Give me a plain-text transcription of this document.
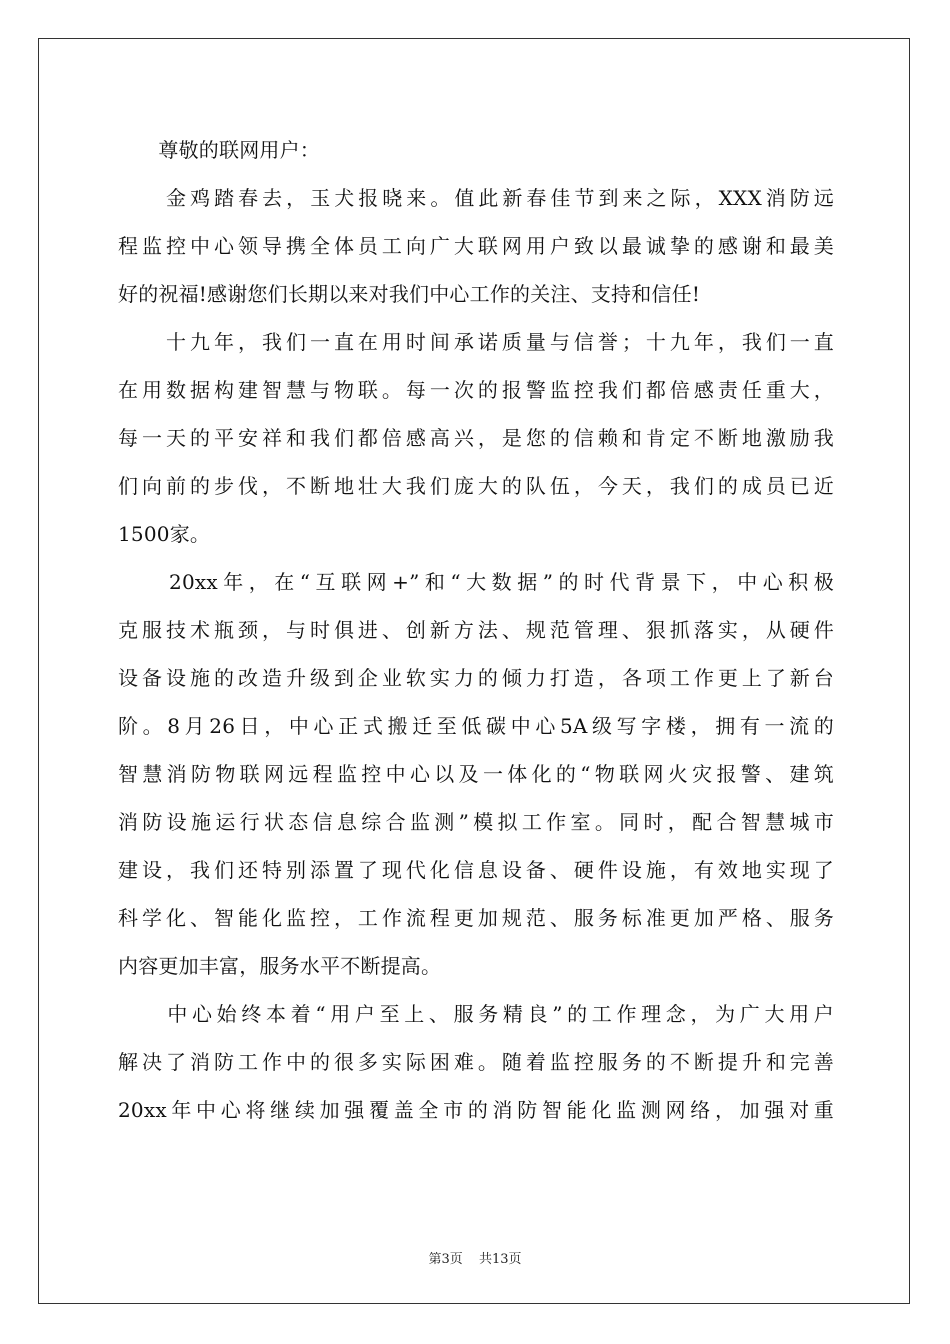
　　尊敬的联网用户：
　　金鸡踏春去，玉犬报晓来。值此新春佳节到来之际，XXX消防远
程监控中心领导携全体员工向广大联网用户致以最诚挚的感谢和最美
好的祝福!感谢您们长期以来对我们中心工作的关注、支持和信任!
　　十九年，我们一直在用时间承诺质量与信誉；十九年，我们一直
在用数据构建智慧与物联。每一次的报警监控我们都倍感责任重大，
每一天的平安祥和我们都倍感高兴，是您的信赖和肯定不断地激励我
们向前的步伐，不断地壮大我们庞大的队伍，今天，我们的成员已近
1500家。
　　20xx年，在“互联网+”和“大数据”的时代背景下，中心积极
克服技术瓶颈，与时俱进、创新方法、规范管理、狠抓落实，从硬件
设备设施的改造升级到企业软实力的倾力打造，各项工作更上了新台
阶。8月26日，中心正式搬迁至低碳中心5A级写字楼，拥有一流的
智慧消防物联网远程监控中心以及一体化的“物联网火灾报警、建筑
消防设施运行状态信息综合监测”模拟工作室。同时，配合智慧城市
建设，我们还特别添置了现代化信息设备、硬件设施，有效地实现了
科学化、智能化监控，工作流程更加规范、服务标准更加严格、服务
内容更加丰富，服务水平不断提高。
　　中心始终本着“用户至上、服务精良”的工作理念，为广大用户
解决了消防工作中的很多实际困难。随着监控服务的不断提升和完善
20xx年中心将继续加强覆盖全市的消防智能化监测网络，加强对重
第3页 共13页
